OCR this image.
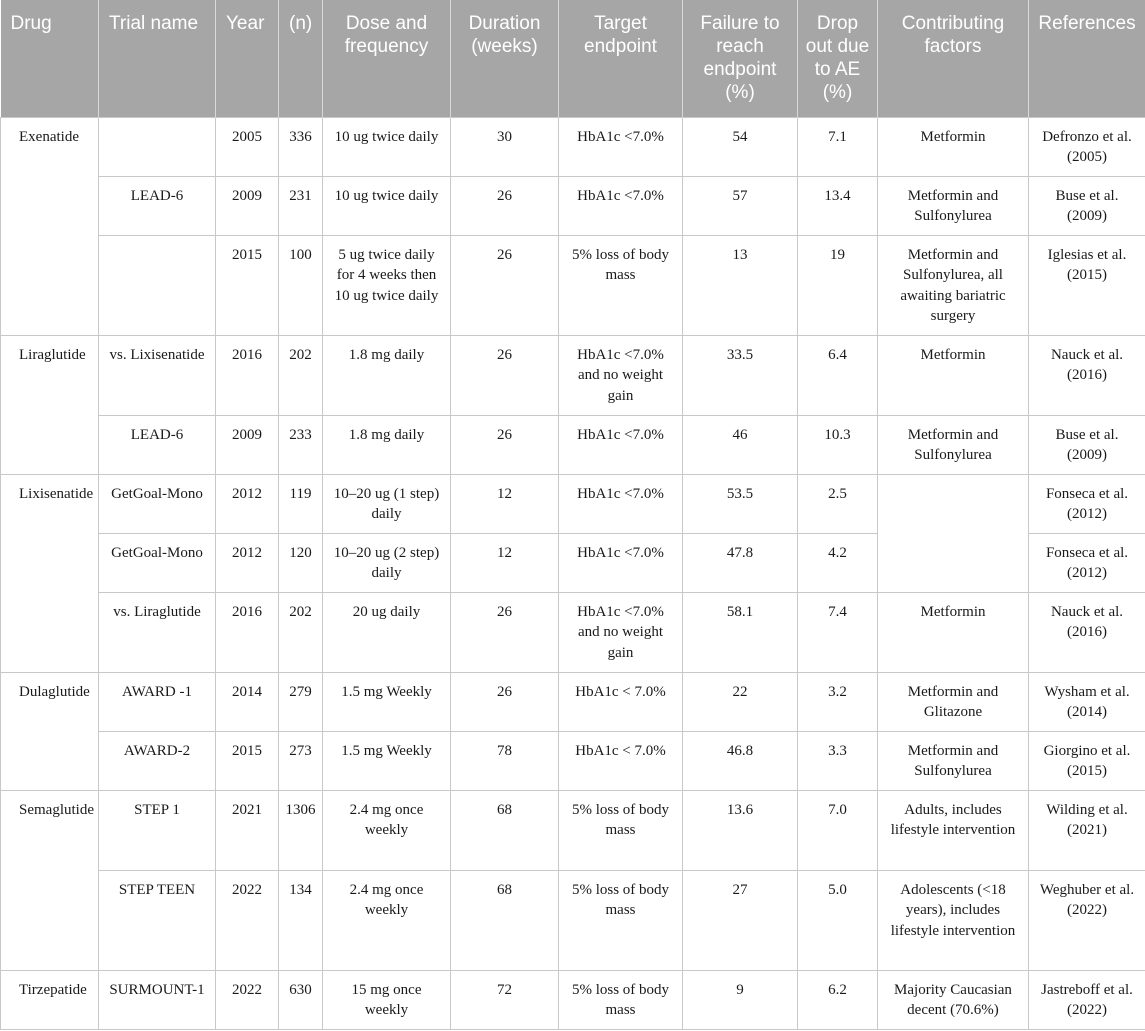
Drug	Trial name	Year	(n)	Dose and frequency	Duration (weeks)	Target endpoint	Failure to reach endpoint (%)	Drop out due to AE (%)	Contributing factors	References
Exenatide		2005	336	10 ug twice daily	30	HbA1c <7.0%	54	7.1	Metformin	Defronzo et al. (2005)
	LEAD-6	2009	231	10 ug twice daily	26	HbA1c <7.0%	57	13.4	Metformin and Sulfonylurea	Buse et al. (2009)
		2015	100	5 ug twice daily for 4 weeks then 10 ug twice daily	26	5% loss of body mass	13	19	Metformin and Sulfonylurea, all awaiting bariatric surgery	Iglesias et al. (2015)
Liraglutide	vs. Lixisenatide	2016	202	1.8 mg daily	26	HbA1c <7.0% and no weight gain	33.5	6.4	Metformin	Nauck et al. (2016)
	LEAD-6	2009	233	1.8 mg daily	26	HbA1c <7.0%	46	10.3	Metformin and Sulfonylurea	Buse et al. (2009)
Lixisenatide	GetGoal-Mono	2012	119	10–20 ug (1 step) daily	12	HbA1c <7.0%	53.5	2.5		Fonseca et al. (2012)
	GetGoal-Mono	2012	120	10–20 ug (2 step) daily	12	HbA1c <7.0%	47.8	4.2		Fonseca et al. (2012)
	vs. Liraglutide	2016	202	20 ug daily	26	HbA1c <7.0% and no weight gain	58.1	7.4	Metformin	Nauck et al. (2016)
Dulaglutide	AWARD -1	2014	279	1.5 mg Weekly	26	HbA1c < 7.0%	22	3.2	Metformin and Glitazone	Wysham et al. (2014)
	AWARD-2	2015	273	1.5 mg Weekly	78	HbA1c < 7.0%	46.8	3.3	Metformin and Sulfonylurea	Giorgino et al. (2015)
Semaglutide	STEP 1	2021	1306	2.4 mg once weekly	68	5% loss of body mass	13.6	7.0	Adults, includes lifestyle intervention	Wilding et al. (2021)
	STEP TEEN	2022	134	2.4 mg once weekly	68	5% loss of body mass	27	5.0	Adolescents (<18 years), includes lifestyle intervention	Weghuber et al. (2022)
Tirzepatide	SURMOUNT-1	2022	630	15 mg once weekly	72	5% loss of body mass	9	6.2	Majority Caucasian decent (70.6%)	Jastreboff et al. (2022)
